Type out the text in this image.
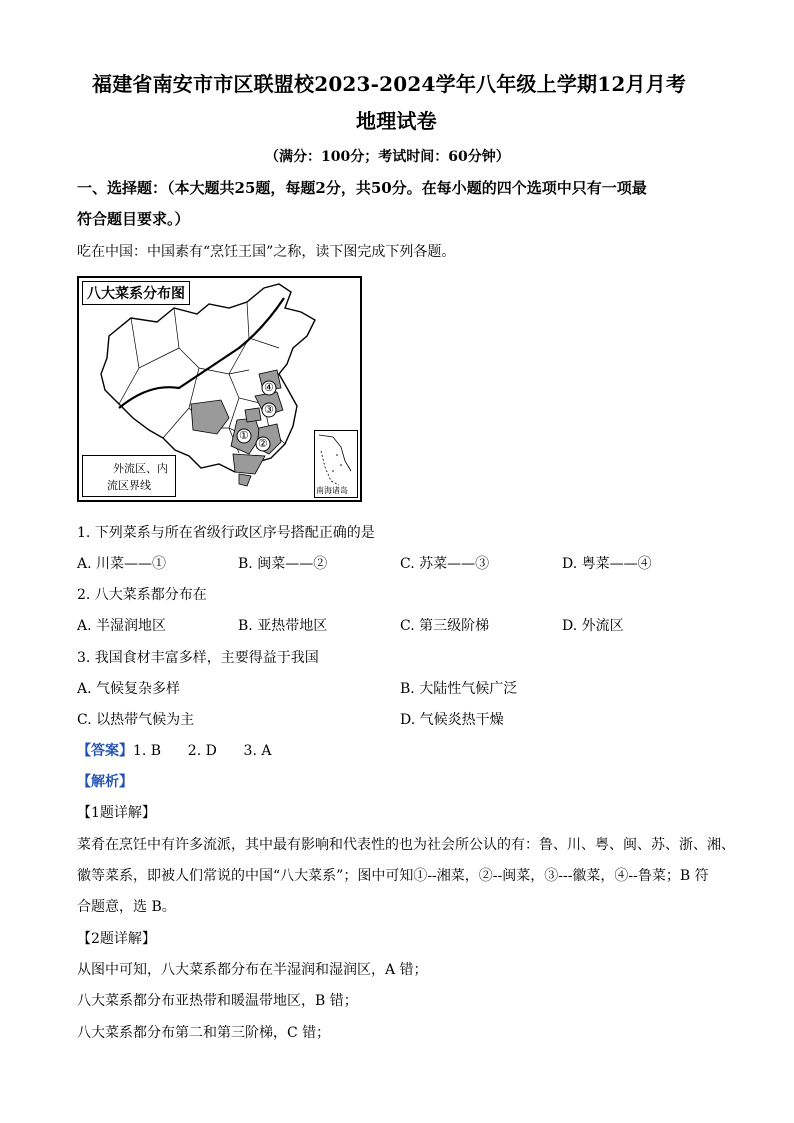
福建省南安市市区联盟校2023-2024学年八年级上学期12月月考
地理试卷
（满分：100分；考试时间：60分钟）
一、选择题：（本大题共25题，每题2分，共50分。在每小题的四个选项中只有一项最
符合题目要求。）
吃在中国：中国素有“烹饪王国”之称，读下图完成下列各题。
①
②
③
④
八大菜系分布图
外流区、内
流区界线	南海诸岛
1. 下列菜系与所在省级行政区序号搭配正确的是
A. 川菜——①	B. 闽菜——②	C. 苏菜——③	D. 粤菜——④
2. 八大菜系都分布在
A. 半湿润地区	B. 亚热带地区	C. 第三级阶梯	D. 外流区
3. 我国食材丰富多样，主要得益于我国
A. 气候复杂多样	B. 大陆性气候广泛
C. 以热带气候为主	D. 气候炎热干燥
【答案】1. B      2. D      3. A
【解析】
【1题详解】
菜肴在烹饪中有许多流派，其中最有影响和代表性的也为社会所公认的有：鲁、川、粤、闽、苏、浙、湘、
徽等菜系，即被人们常说的中国“八大菜系”；图中可知①--湘菜，②--闽菜，③---徽菜，④--鲁菜；B 符
合题意，选 B。
【2题详解】
从图中可知，八大菜系都分布在半湿润和湿润区，A 错；
八大菜系都分布亚热带和暖温带地区，B 错；
八大菜系都分布第二和第三阶梯，C 错；
